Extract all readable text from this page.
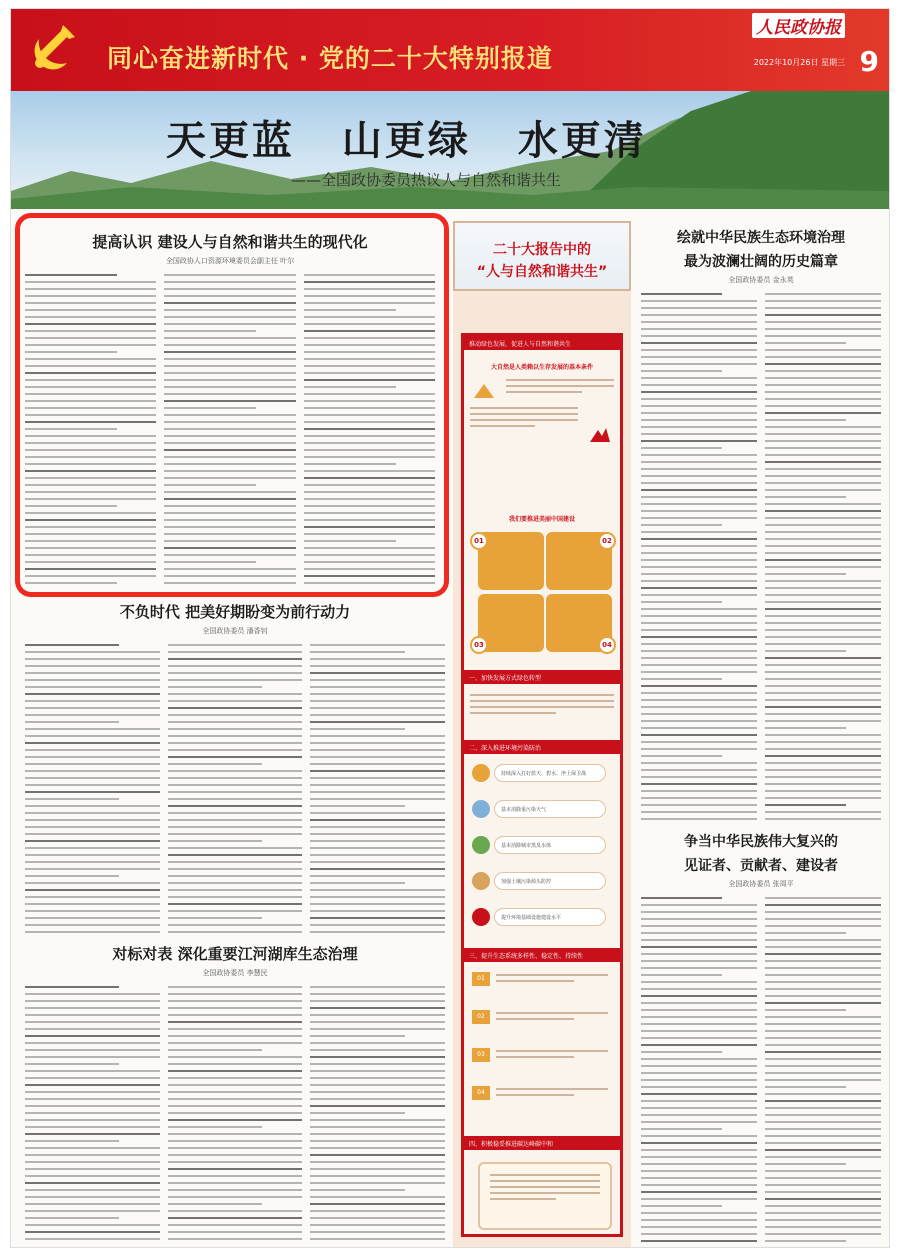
同心奋进新时代 · 党的二十大特别报道
人民政协报
2022年10月26日 星期三 9
天更蓝 山更绿 水更清
——全国政协委员热议人与自然和谐共生
提高认识 建设人与自然和谐共生的现代化
全国政协人口资源环境委员会副主任 叶尔
不负时代 把美好期盼变为前行动力
全国政协委员 潘香钊
对标对表 深化重要江河湖库生态治理
全国政协委员 李慧民
绘就中华民族生态环境治理
最为波澜壮阔的历史篇章
全国政协委员 金永英
争当中华民族伟大复兴的
见证者、贡献者、建设者
全国政协委员 张周平
二十大报告中的
“人与自然和谐共生”
推动绿色发展，促进人与自然和谐共生
大自然是人类赖以生存发展的基本条件
我们要推进美丽中国建设
01	02
03	04
一、加快发展方式绿色转型
二、深入推进环境污染防治
持续深入打好蓝天、碧水、净土保卫战
基本消除重污染天气
基本消除城市黑臭水体
加强土壤污染源头防控
提升环境基础设施建设水平
三、提升生态系统多样性、稳定性、持续性
01
02
03
04
四、积极稳妥推进碳达峰碳中和
